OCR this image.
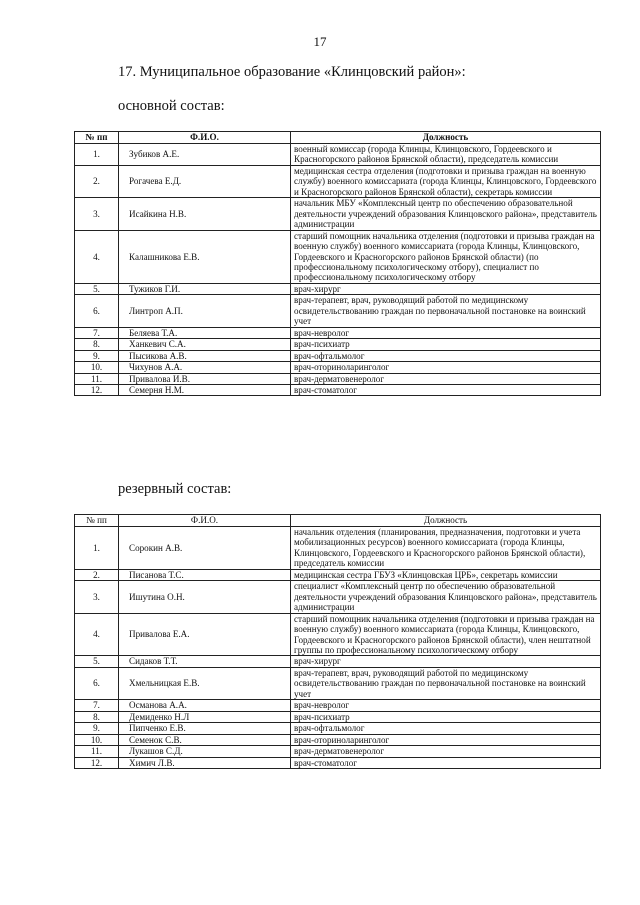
17
17. Муниципальное образование «Клинцовский район»:
основной состав:
№ пп	Ф.И.О.	Должность
1.	Зубиков А.Е.	военный комиссар (города Клинцы, Клинцовского, Гордеевского и Красногорского районов Брянской области), председатель комиссии
2.	Рогачева Е.Д.	медицинская сестра отделения (подготовки и призыва граждан на военную службу) военного комиссариата (города Клинцы, Клинцовского, Гордеевского и Красногорского районов Брянской области), секретарь комиссии
3.	Исайкина Н.В.	начальник МБУ «Комплексный центр по обеспечению образовательной деятельности учреждений образования Клинцовского района», представитель администрации
4.	Калашникова Е.В.	старший помощник начальника отделения (подготовки и призыва граждан на военную службу) военного комиссариата (города Клинцы, Клинцовского, Гордеевского и Красногорского районов Брянской области) (по профессиональному психологическому отбору), специалист по профессиональному психологическому отбору
5.	Тужиков Г.И.	врач-хирург
6.	Линтроп А.П.	врач-терапевт, врач, руководящий работой по медицинскому освидетельствованию граждан по первоначальной постановке на воинский учет
7.	Беляева Т.А.	врач-невролог
8.	Ханкевич С.А.	врач-психиатр
9.	Пысикова А.В.	врач-офтальмолог
10.	Чихунов А.А.	врач-оториноларинголог
11.	Привалова И.В.	врач-дерматовенеролог
12.	Семерня Н.М.	врач-стоматолог
резервный состав:
№ пп	Ф.И.О.	Должность
1.	Сорокин А.В.	начальник отделения (планирования, предназначения, подготовки и учета мобилизационных ресурсов) военного комиссариата (города Клинцы, Клинцовского, Гордеевского и Красногорского районов Брянской области), председатель комиссии
2.	Писанова Т.С.	медицинская сестра ГБУЗ «Клинцовская ЦРБ», секретарь комиссии
3.	Ишутина О.Н.	специалист «Комплексный центр по обеспечению образовательной деятельности учреждений образования Клинцовского района», представитель администрации
4.	Привалова Е.А.	старший помощник начальника отделения (подготовки и призыва граждан на военную службу) военного комиссариата (города Клинцы, Клинцовского, Гордеевского и Красногорского районов Брянской области), член нештатной группы по профессиональному психологическому отбору
5.	Сидаков Т.Т.	врач-хирург
6.	Хмельницкая Е.В.	врач-терапевт, врач, руководящий работой по медицинскому освидетельствованию граждан по первоначальной постановке на воинский учет
7.	Османова А.А.	врач-невролог
8.	Демиденко Н.Л	врач-психиатр
9.	Пипченко Е.В.	врач-офтальмолог
10.	Семенок С.В.	врач-оториноларинголог
11.	Лукашов С.Д.	врач-дерматовенеролог
12.	Химич Л.В.	врач-стоматолог
